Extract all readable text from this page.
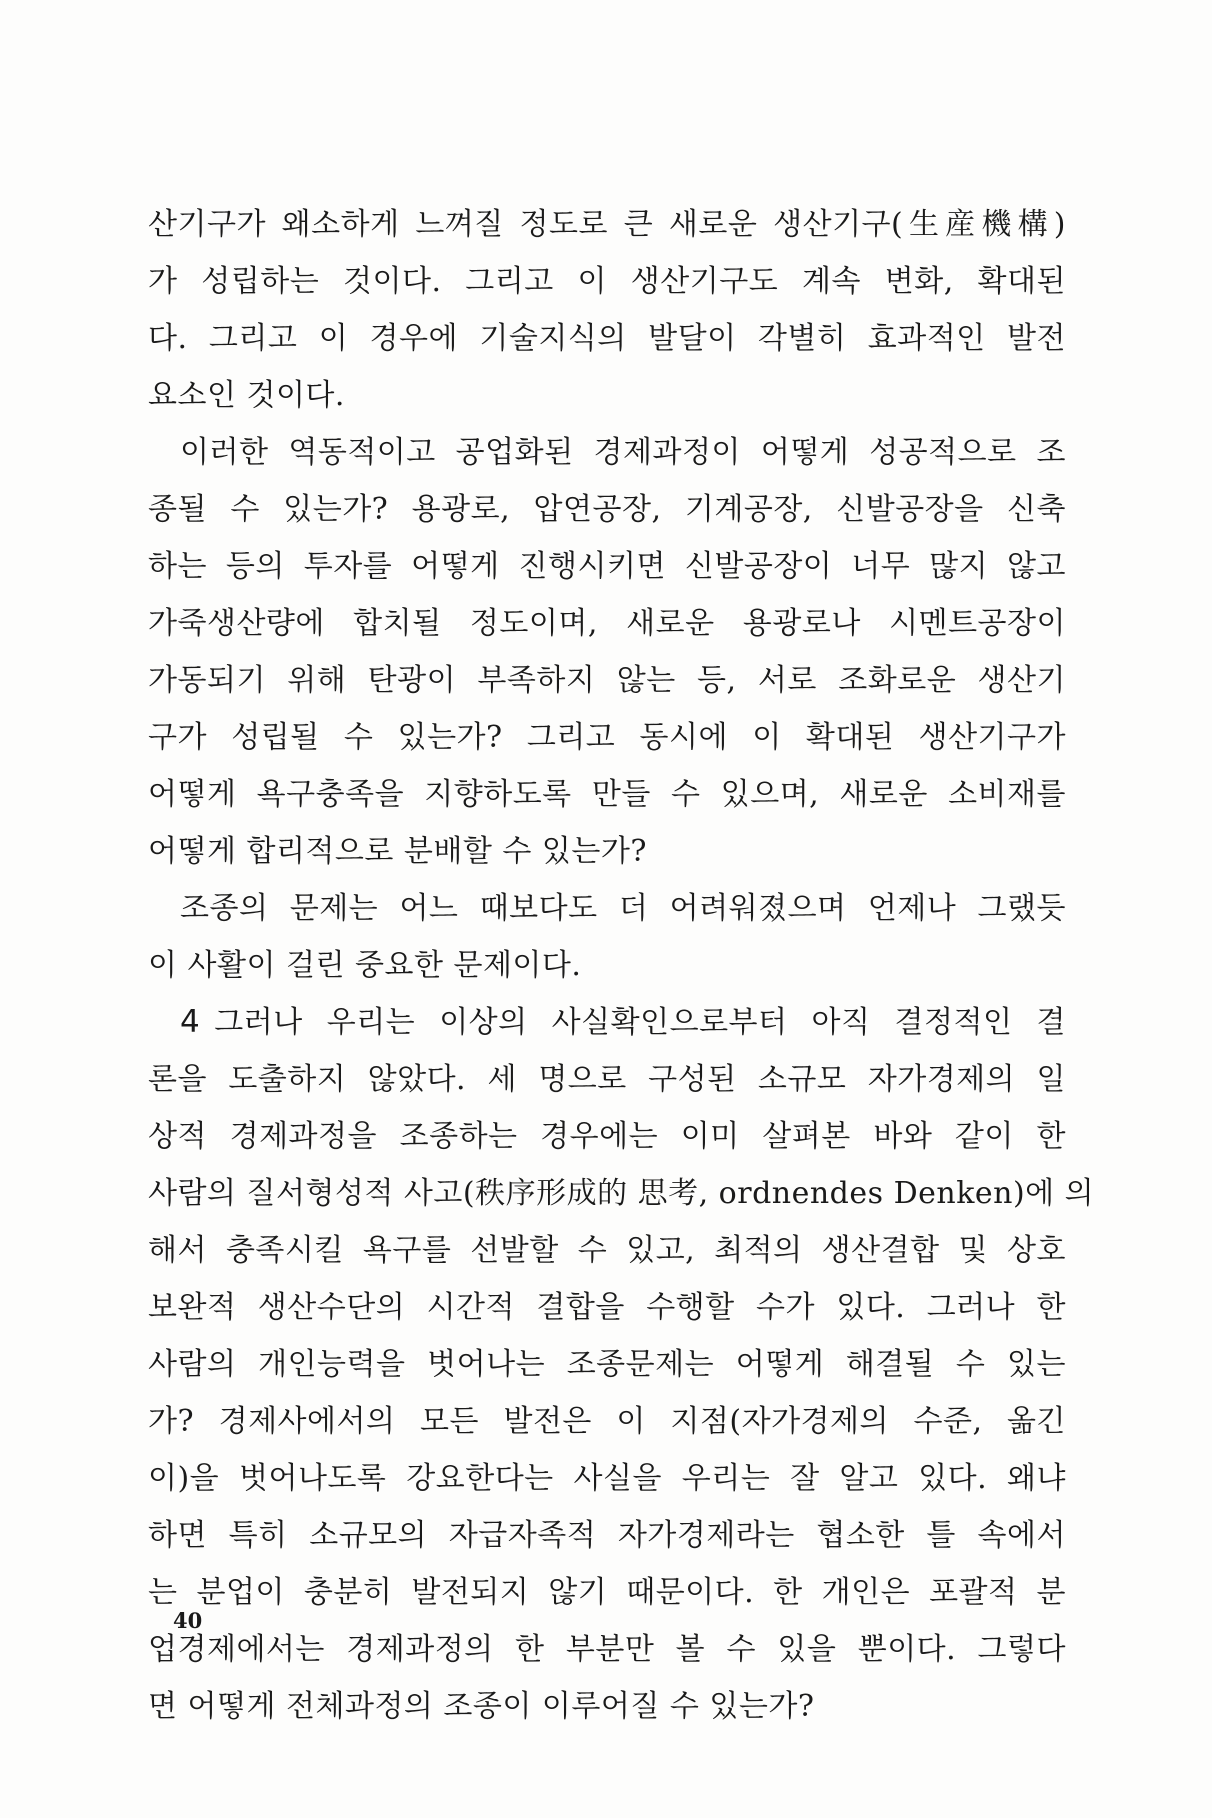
산기구가 왜소하게 느껴질 정도로 큰 새로운 생산기구(生産機構)
가 성립하는 것이다. 그리고 이 생산기구도 계속 변화, 확대된
다. 그리고 이 경우에 기술지식의 발달이 각별히 효과적인 발전
요소인 것이다.
이러한 역동적이고 공업화된 경제과정이 어떻게 성공적으로 조
종될 수 있는가? 용광로, 압연공장, 기계공장, 신발공장을 신축
하는 등의 투자를 어떻게 진행시키면 신발공장이 너무 많지 않고
가죽생산량에 합치될 정도이며, 새로운 용광로나 시멘트공장이
가동되기 위해 탄광이 부족하지 않는 등, 서로 조화로운 생산기
구가 성립될 수 있는가? 그리고 동시에 이 확대된 생산기구가
어떻게 욕구충족을 지향하도록 만들 수 있으며, 새로운 소비재를
어떻게 합리적으로 분배할 수 있는가?
조종의 문제는 어느 때보다도 더 어려워졌으며 언제나 그랬듯
이 사활이 걸린 중요한 문제이다.
4 그러나 우리는 이상의 사실확인으로부터 아직 결정적인 결
론을 도출하지 않았다. 세 명으로 구성된 소규모 자가경제의 일
상적 경제과정을 조종하는 경우에는 이미 살펴본 바와 같이 한
사람의 질서형성적 사고(秩序形成的 思考, ordnendes Denken)에 의
해서 충족시킬 욕구를 선발할 수 있고, 최적의 생산결합 및 상호
보완적 생산수단의 시간적 결합을 수행할 수가 있다. 그러나 한
사람의 개인능력을 벗어나는 조종문제는 어떻게 해결될 수 있는
가? 경제사에서의 모든 발전은 이 지점(자가경제의 수준, 옮긴
이)을 벗어나도록 강요한다는 사실을 우리는 잘 알고 있다. 왜냐
하면 특히 소규모의 자급자족적 자가경제라는 협소한 틀 속에서
는 분업이 충분히 발전되지 않기 때문이다. 한 개인은 포괄적 분
업경제에서는 경제과정의 한 부분만 볼 수 있을 뿐이다. 그렇다
면 어떻게 전체과정의 조종이 이루어질 수 있는가?
40
